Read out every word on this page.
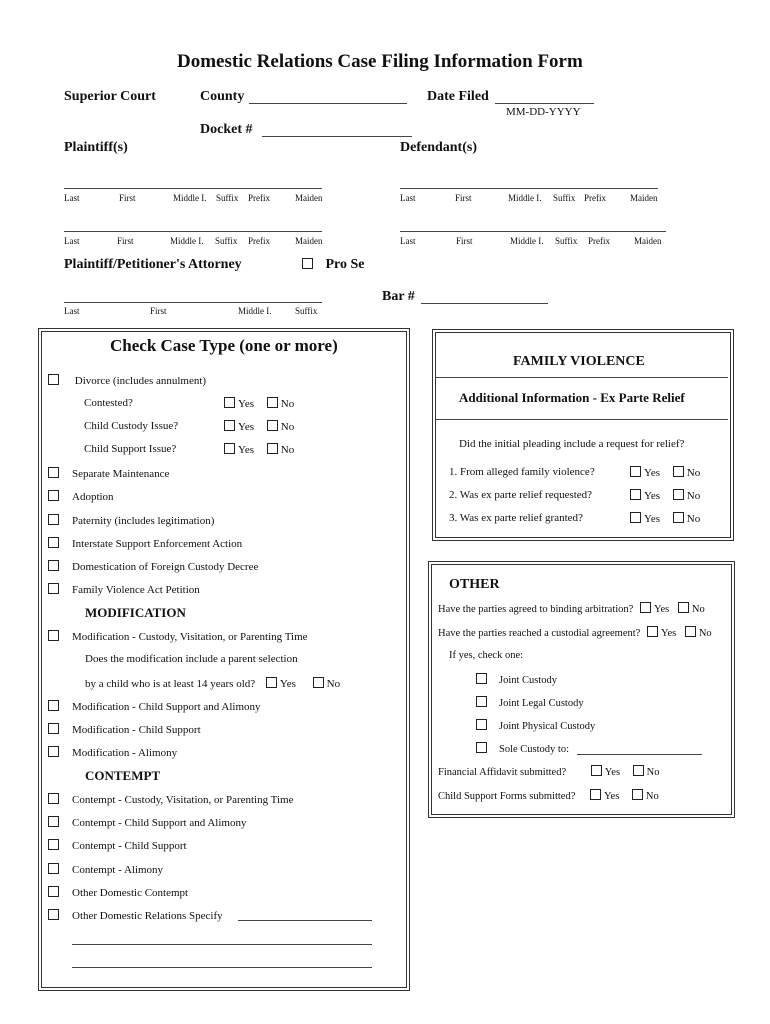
Domestic Relations Case Filing Information Form
Superior Court	County	Date Filed
MM-DD-YYYY
Docket #
Plaintiff(s)	Defendant(s)
Last	First	Middle I. Suffix Prefix	Maiden
Last	First	Middle I. Suffix Prefix	Maiden
Last	First	Middle I. Suffix Prefix	Maiden
Last	First	Middle I. Suffix Prefix	Maiden
Plaintiff/Petitioner's Attorney	Pro Se
Bar #
Last	First	Middle I.	Suffix
Check Case Type (one or more)
Divorce (includes annulment)
Contested?	Yes No
Child Custody Issue?	Yes No
Child Support Issue?	Yes No
Separate Maintenance
Adoption
Paternity (includes legitimation)
Interstate Support Enforcement Action
Domestication of Foreign Custody Decree
Family Violence Act Petition
MODIFICATION
Modification - Custody, Visitation, or Parenting Time
Does the modification include a parent selection
by a child who is at least 14 years old? Yes	No
Modification - Child Support and Alimony
Modification - Child Support
Modification - Alimony
CONTEMPT
Contempt - Custody, Visitation, or Parenting Time
Contempt - Child Support and Alimony
Contempt - Child Support
Contempt - Alimony
Other Domestic Contempt
Other Domestic Relations Specify
FAMILY VIOLENCE
Additional Information - Ex Parte Relief
Did the initial pleading include a request for relief?
1. From alleged family violence?	Yes No
2. Was ex parte relief requested?	Yes No
3. Was ex parte relief granted?	Yes No
OTHER
Have the parties agreed to binding arbitration? Yes No
Have the parties reached a custodial agreement? Yes No
If yes, check one:
Joint Custody
Joint Legal Custody
Joint Physical Custody
Sole Custody to:
Financial Affidavit submitted?	Yes	No
Child Support Forms submitted?	Yes	No
